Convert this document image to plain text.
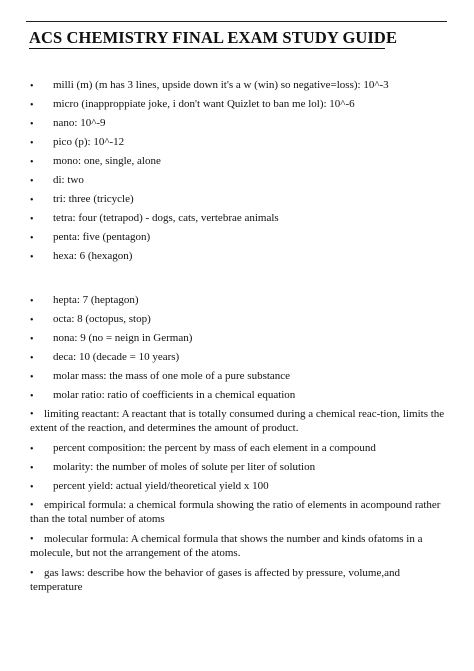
ACS CHEMISTRY FINAL EXAM STUDY GUIDE
• milli (m) (m has 3 lines, upside down it's a w (win) so negative=loss): 10^-3
• micro (inapproppiate joke, i don't want Quizlet to ban me lol): 10^-6
• nano: 10^-9
• pico (p): 10^-12
• mono: one, single, alone
• di: two
• tri: three (tricycle)
• tetra: four (tetrapod) - dogs, cats, vertebrae animals
• penta: five (pentagon)
• hexa: 6 (hexagon)
• hepta: 7 (heptagon)
• octa: 8 (octopus, stop)
• nona: 9 (no = neign in German)
• deca: 10 (decade = 10 years)
• molar mass: the mass of one mole of a pure substance
• molar ratio: ratio of coefficients in a chemical equation
• limiting reactant: A reactant that is totally consumed during a chemical reac-tion, limits the extent of the reaction, and determines the amount of product.
• percent composition: the percent by mass of each element in a compound
• molarity: the number of moles of solute per liter of solution
• percent yield: actual yield/theoretical yield x 100
• empirical formula: a chemical formula showing the ratio of elements in acompound rather than the total number of atoms
• molecular formula: A chemical formula that shows the number and kinds ofatoms in a molecule, but not the arrangement of the atoms.
• gas laws: describe how the behavior of gases is affected by pressure, volume,and temperature
